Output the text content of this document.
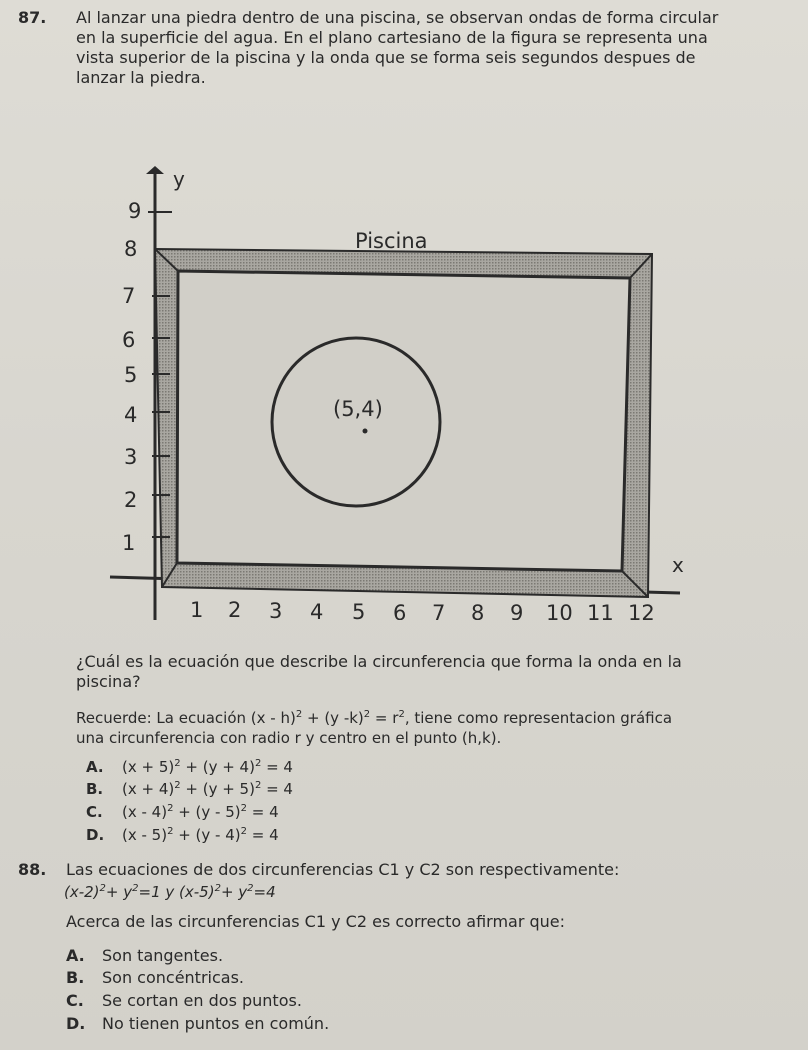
87. Al lanzar una piedra dentro de una piscina, se observan ondas de forma circular
en la superficie del agua. En el plano cartesiano de la figura se representa una
vista superior de la piscina y la onda que se forma seis segundos despues de
lanzar la piedra.
y
x
Piscina
9
8
7
6
5
4
3
2
1
1 2 3 4 5 6 7 8 9 10 11 12
(5,4)
¿Cuál es la ecuación que describe la circunferencia que forma la onda en la
piscina?
Recuerde: La ecuación (x - h)$^2$ + (y $-k)^2 = r^2$, tiene como representacion gráfica
una circunferencia con radio r y centro en el punto (h,k).
A.	$(x + 5)^2 + (y + 4)^2 = 4$
B.	$(x + 4)^2 + (y + 5)^2 = 4$
C.	(x - 4)$^2$ + (y - 5)$^2$ = 4
D.	(x - 5)$^2$ + (y - 4)$^2$ = 4
88. Las ecuaciones de dos circunferencias C1 y C2 son respectivamente:
$(x-2)^2+ y^2=1$ y $(x-5)^2+ y^2=4$
Acerca de las circunferencias C1 y C2 es correcto afirmar que:
A.	Son tangentes.
B.	Son concéntricas.
C.	Se cortan en dos puntos.
D.	No tienen puntos en común.
